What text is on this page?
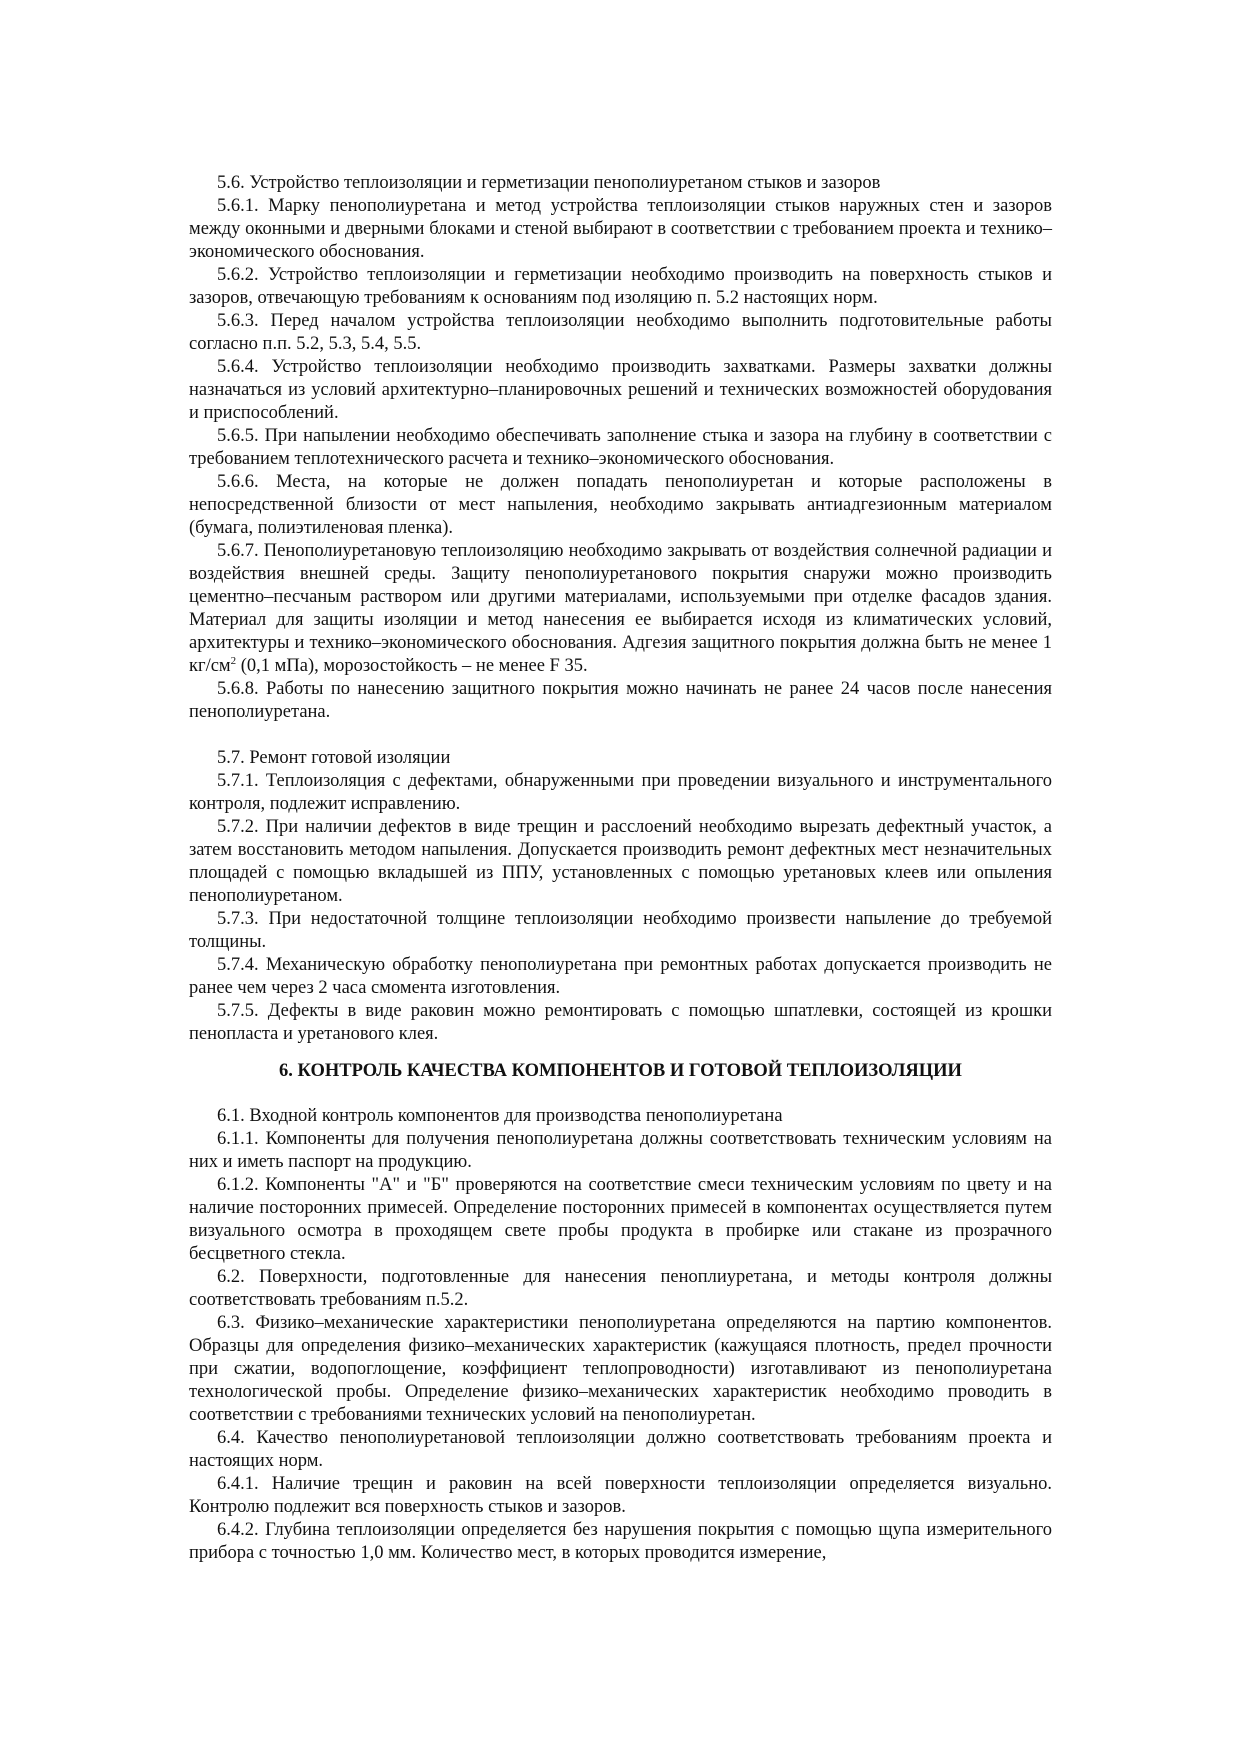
5.6. Устройство теплоизоляции и герметизации пенополиуретаном стыков и зазоров

5.6.1. Марку пенополиуретана и метод устройства теплоизоляции стыков наружных стен и зазоров между оконными и дверными блоками и стеной выбирают в соответствии с требованием проекта и технико–экономического обоснования.

5.6.2. Устройство теплоизоляции и герметизации необходимо производить на поверхность стыков и зазоров, отвечающую требованиям к основаниям под изоляцию п. 5.2 настоящих норм.

5.6.3. Перед началом устройства теплоизоляции необходимо выполнить подготовительные работы согласно п.п. 5.2, 5.3, 5.4, 5.5.

5.6.4. Устройство теплоизоляции необходимо производить захватками. Размеры захватки должны назначаться из условий архитектурно–планировочных решений и технических возможностей оборудования и приспособлений.

5.6.5. При напылении необходимо обеспечивать заполнение стыка и зазора на глубину в соответствии с требованием теплотехнического расчета и технико–экономического обоснования.

5.6.6. Места, на которые не должен попадать пенополиуретан и которые расположены в непосредственной близости от мест напыления, необходимо закрывать антиадгезионным материалом (бумага, полиэтиленовая пленка).

5.6.7. Пенополиуретановую теплоизоляцию необходимо закрывать от воздействия солнечной радиации и воздействия внешней среды. Защиту пенополиуретанового покрытия снаружи можно производить цементно–песчаным раствором или другими материалами, используемыми при отделке фасадов здания. Материал для защиты изоляции и метод нанесения ее выбирается исходя из климатических условий, архитектуры и технико–экономического обоснования. Адгезия защитного покрытия должна быть не менее 1 $кг/см^2$ (0,1 мПа), морозостойкость – не менее F 35.

5.6.8. Работы по нанесению защитного покрытия можно начинать не ранее 24 часов после нанесения пенополиуретана.

5.7. Ремонт готовой изоляции

5.7.1. Теплоизоляция с дефектами, обнаруженными при проведении визуального и инструментального контроля, подлежит исправлению.

5.7.2. При наличии дефектов в виде трещин и расслоений необходимо вырезать дефектный участок, а затем восстановить методом напыления. Допускается производить ремонт дефектных мест незначительных площадей с помощью вкладышей из ППУ, установленных с помощью уретановых клеев или опыления пенополиуретаном.

5.7.3. При недостаточной толщине теплоизоляции необходимо произвести напыление до требуемой толщины.

5.7.4. Механическую обработку пенополиуретана при ремонтных работах допускается производить не ранее чем через 2 часа смомента изготовления.

5.7.5. Дефекты в виде раковин можно ремонтировать с помощью шпатлевки, состоящей из крошки пенопласта и уретанового клея.

6. КОНТРОЛЬ КАЧЕСТВА КОМПОНЕНТОВ И ГОТОВОЙ ТЕПЛОИЗОЛЯЦИИ

6.1. Входной контроль компонентов для производства пенополиуретана

6.1.1. Компоненты для получения пенополиуретана должны соответствовать техническим условиям на них и иметь паспорт на продукцию.

6.1.2. Компоненты "А" и "Б" проверяются на соответствие смеси техническим условиям по цвету и на наличие посторонних примесей. Определение посторонних примесей в компонентах осуществляется путем визуального осмотра в проходящем свете пробы продукта в пробирке или стакане из прозрачного бесцветного стекла.

6.2. Поверхности, подготовленные для нанесения пеноплиуретана, и методы контроля должны соответствовать требованиям п.5.2.

6.3. Физико–механические характеристики пенополиуретана определяются на партию компонентов. Образцы для определения физико–механических характеристик (кажущаяся плотность, предел прочности при сжатии, водопоглощение, коэффициент теплопроводности) изготавливают из пенополиуретана технологической пробы. Определение физико–механических характеристик необходимо проводить в соответствии с требованиями технических условий на пенополиуретан.

6.4. Качество пенополиуретановой теплоизоляции должно соответствовать требованиям проекта и настоящих норм.

6.4.1. Наличие трещин и раковин на всей поверхности теплоизоляции определяется визуально. Контролю подлежит вся поверхность стыков и зазоров.

6.4.2. Глубина теплоизоляции определяется без нарушения покрытия с помощью щупа измерительного прибора с точностью 1,0 мм. Количество мест, в которых проводится измерение,
